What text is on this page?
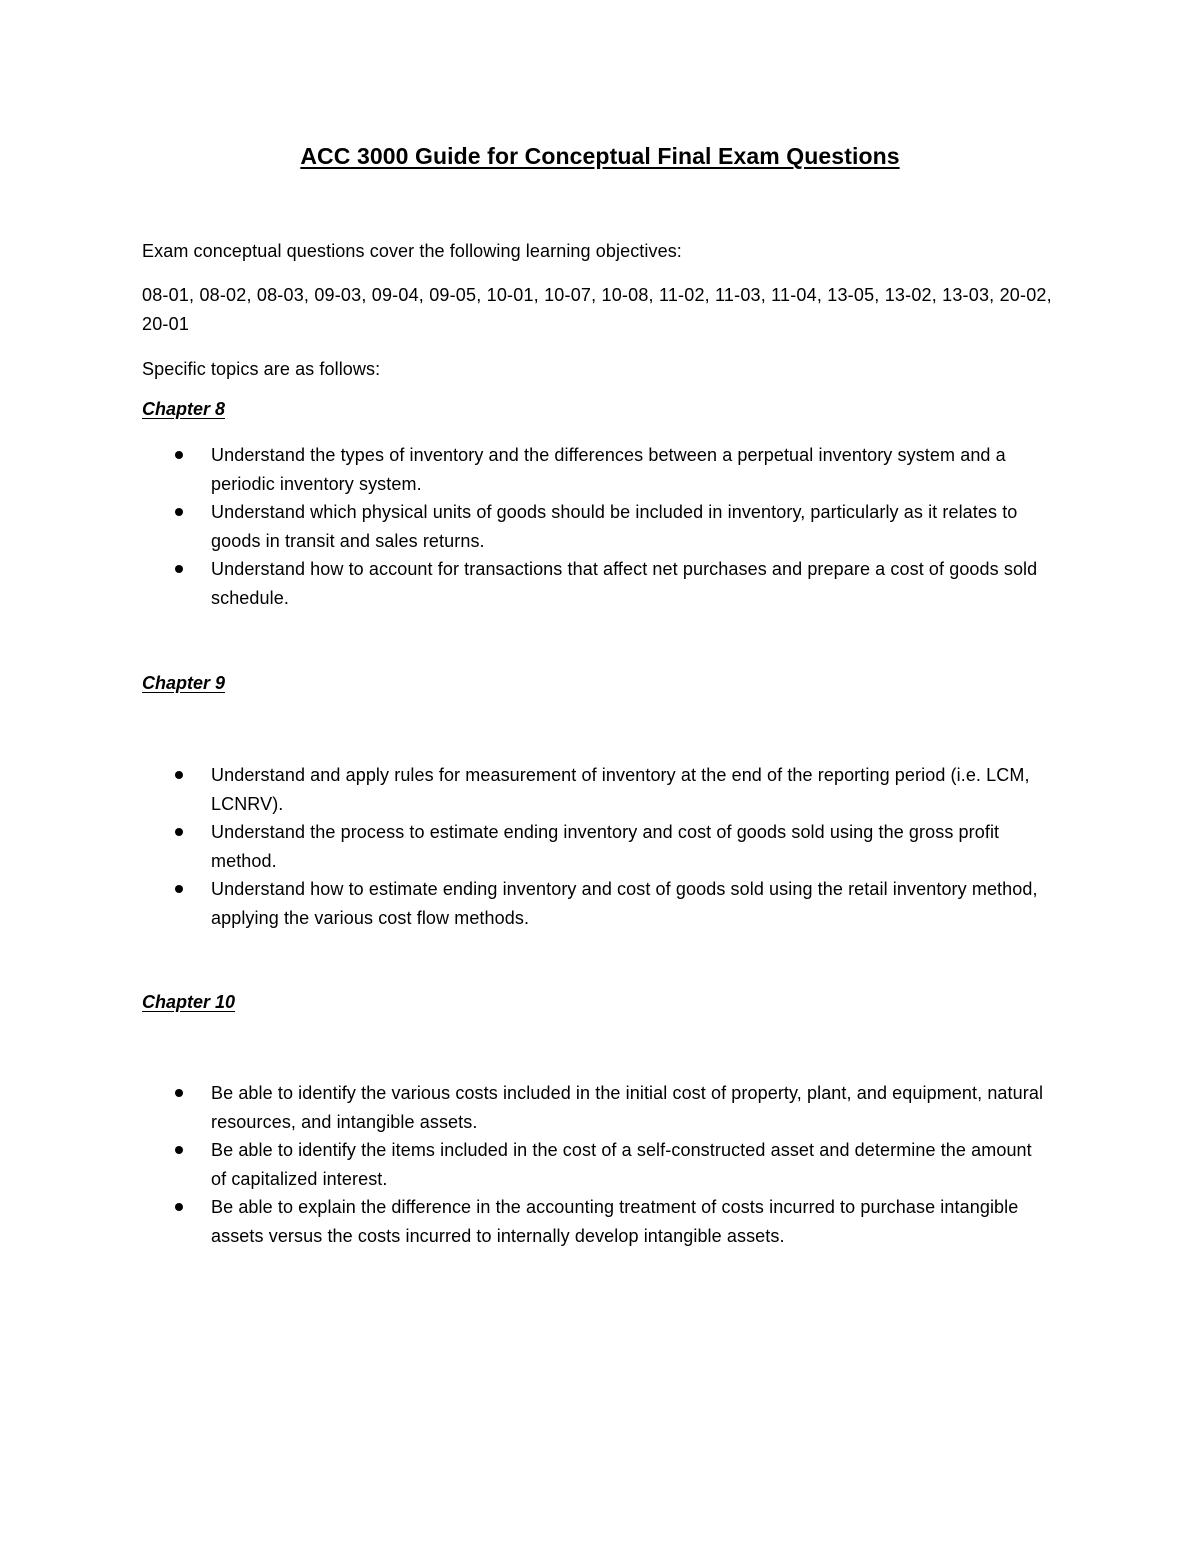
ACC 3000 Guide for Conceptual Final Exam Questions
Exam conceptual questions cover the following learning objectives:
08-01, 08-02, 08-03, 09-03, 09-04, 09-05, 10-01, 10-07, 10-08, 11-02, 11-03, 11-04, 13-05, 13-02, 13-03, 20-02, 20-01
Specific topics are as follows:
Chapter 8
Understand the types of inventory and the differences between a perpetual inventory system and a periodic inventory system.
Understand which physical units of goods should be included in inventory, particularly as it relates to goods in transit and sales returns.
Understand how to account for transactions that affect net purchases and prepare a cost of goods sold schedule.
Chapter 9
Understand and apply rules for measurement of inventory at the end of the reporting period (i.e. LCM, LCNRV).
Understand the process to estimate ending inventory and cost of goods sold using the gross profit method.
Understand how to estimate ending inventory and cost of goods sold using the retail inventory method, applying the various cost flow methods.
Chapter 10
Be able to identify the various costs included in the initial cost of property, plant, and equipment, natural resources, and intangible assets.
Be able to identify the items included in the cost of a self-constructed asset and determine the amount of capitalized interest.
Be able to explain the difference in the accounting treatment of costs incurred to purchase intangible assets versus the costs incurred to internally develop intangible assets.
